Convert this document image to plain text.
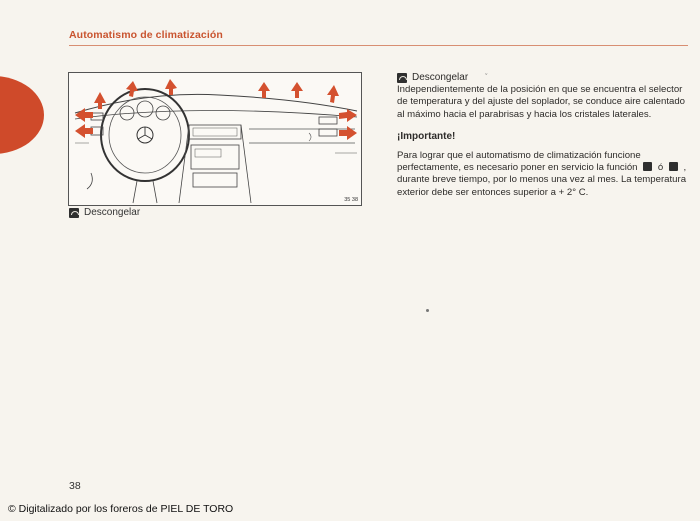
Automatismo de climatización
35 38
Descongelar
Descongelar ˇ

Independientemente de la posición en que se encuentra el selector de temperatura y del ajuste del soplador, se conduce aire calentado al máximo hacia el parabrisas y hacia los cristales laterales.

¡Importante!

Para lograr que el automatismo de climatización funcione perfectamente, es necesario poner en servicio la función ó , durante breve tiempo, por lo menos una vez al mes. La temperatura exterior debe ser entonces superior a + 2° C.

38
© Digitalizado por los foreros de PIEL DE TORO
